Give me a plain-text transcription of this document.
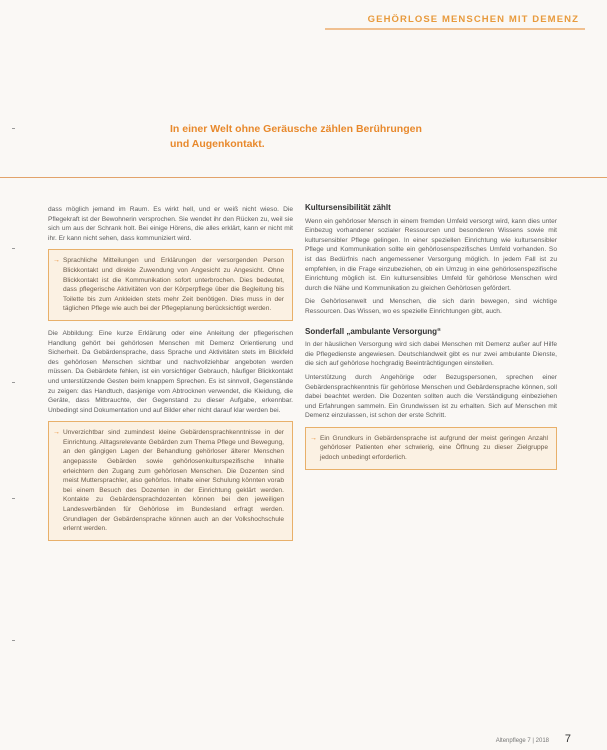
GEHÖRLOSE MENSCHEN MIT DEMENZ
In einer Welt ohne Geräusche zählen Berührungen und Augenkontakt.

dass möglich jemand im Raum. Es wirkt hell, und er weiß nicht wieso. Die Pflegekraft ist der Bewohnerin versprochen. Sie wendet ihr den Rücken zu, weil sie sich um aus der Schrank holt. Bei einige Hörens, die alles erklärt, kann er nicht mit ihr. Er kann nicht sehen, dass kommuniziert wird.

→ Sprachliche Mitteilungen und Erklärungen der versorgenden Person Blickkontakt und direkte Zuwendung von Angesicht zu Angesicht. Ohne Blickkontakt ist die Kommunikation sofort unterbrochen. Dies bedeutet, dass pflegerische Aktivitäten von der Körperpflege über die Begleitung bis Toilette bis zum Ankleiden stets mehr Zeit benötigen. Dies muss in der täglichen Pflege wie auch bei der Pflegeplanung berücksichtigt werden.

Die Abbildung: Eine kurze Erklärung oder eine Anleitung der pflegerischen Handlung gehört bei gehörlosen Menschen mit Demenz Orientierung und Sicherheit. Da Gebärdensprache, dass Sprache und Aktivitäten stets im Blickfeld des gehörlosen Menschen sichtbar und nachvollziehbar angeboten werden müssen. Da Gebärdete fehlen, ist ein vorsichtiger Gebrauch, häufiger Blickkontakt und unterstützende Gesten beim knappem Sprechen. Es ist sinnvoll, Gegenstände zu zeigen: das Handtuch, dasjenige vom Abtrocknen verwendet, die Kleidung, die Geräte, dass Mitbrauchte, der Gegenstand zu dieser Aufgabe, erkennbar. Unbedingt sind Dokumentation und auf Bilder eher nicht darauf klar werden bei.

→ Unverzichtbar sind zumindest kleine Gebärdensprachkenntnisse in der Einrichtung. Alltagsrelevante Gebärden zum Thema Pflege und Bewegung, an den gängigen Lagen der Behandlung gehörloser älterer Menschen angepasste Gebärden sowie gehörlosenkulturspezifische Inhalte erleichtern den Zugang zum gehörlosen Menschen. Die Dozenten sind meist Muttersprachler, also gehörlos. Inhalte einer Schulung könnten vorab bei einem Besuch des Dozenten in der Einrichtung geklärt werden. Kontakte zu Gebärdensprachdozenten können bei den jeweiligen Landesverbänden für Gehörlose im Bundesland erfragt werden. Grundlagen der Gebärdensprache können auch an der Volkshochschule erlernt werden.
Kultursensibilität zählt

Wenn ein gehörloser Mensch in einem fremden Umfeld versorgt wird, kann dies unter Einbezug vorhandener sozialer Ressourcen und besonderen Wissens sowie mit kultursensibler Pflege gelingen. In einer speziellen Einrichtung wie kultursensibler Pflege und Kommunikation sollte ein gehörlosenspezifisches Umfeld vorhanden. So ist das Bedürfnis nach angemessener Versorgung möglich. In jedem Fall ist zu empfehlen, in die Frage einzubeziehen, ob ein Umzug in eine gehörlosenspezifische Einrichtung möglich ist. Ein kultursensibles Umfeld für gehörlose Menschen wird durch die Nähe und Kommunikation zu gleichen Gehörlosen gefördert.

Die Gehörlosenwelt und Menschen, die sich darin bewegen, sind wichtige Ressourcen. Das Wissen, wo es spezielle Einrichtungen gibt, auch.

Sonderfall „ambulante Versorgung“

In der häuslichen Versorgung wird sich dabei Menschen mit Demenz außer auf Hilfe die Pflegedienste angewiesen. Deutschlandweit gibt es nur zwei ambulante Dienste, die sich auf gehörlose hochgradig Beeinträchtigungen einstellen.

Unterstützung durch Angehörige oder Bezugspersonen, sprechen einer Gebärdensprachkenntnis für gehörlose Menschen und Gebärdensprache können, soll dabei beachtet werden. Die Dozenten sollten auch die Verständigung einbeziehen und Erfahrungen sammeln. Ein Grundwissen ist zu erhalten. Sich auf Menschen mit Demenz einzulassen, ist schon der erste Schritt.

→ Ein Grundkurs in Gebärdensprache ist aufgrund der meist geringen Anzahl gehörloser Patienten eher schwierig, eine Öffnung zu dieser Zielgruppe jedoch unbedingt erforderlich.
Altenpflege 7 | 2018 7
